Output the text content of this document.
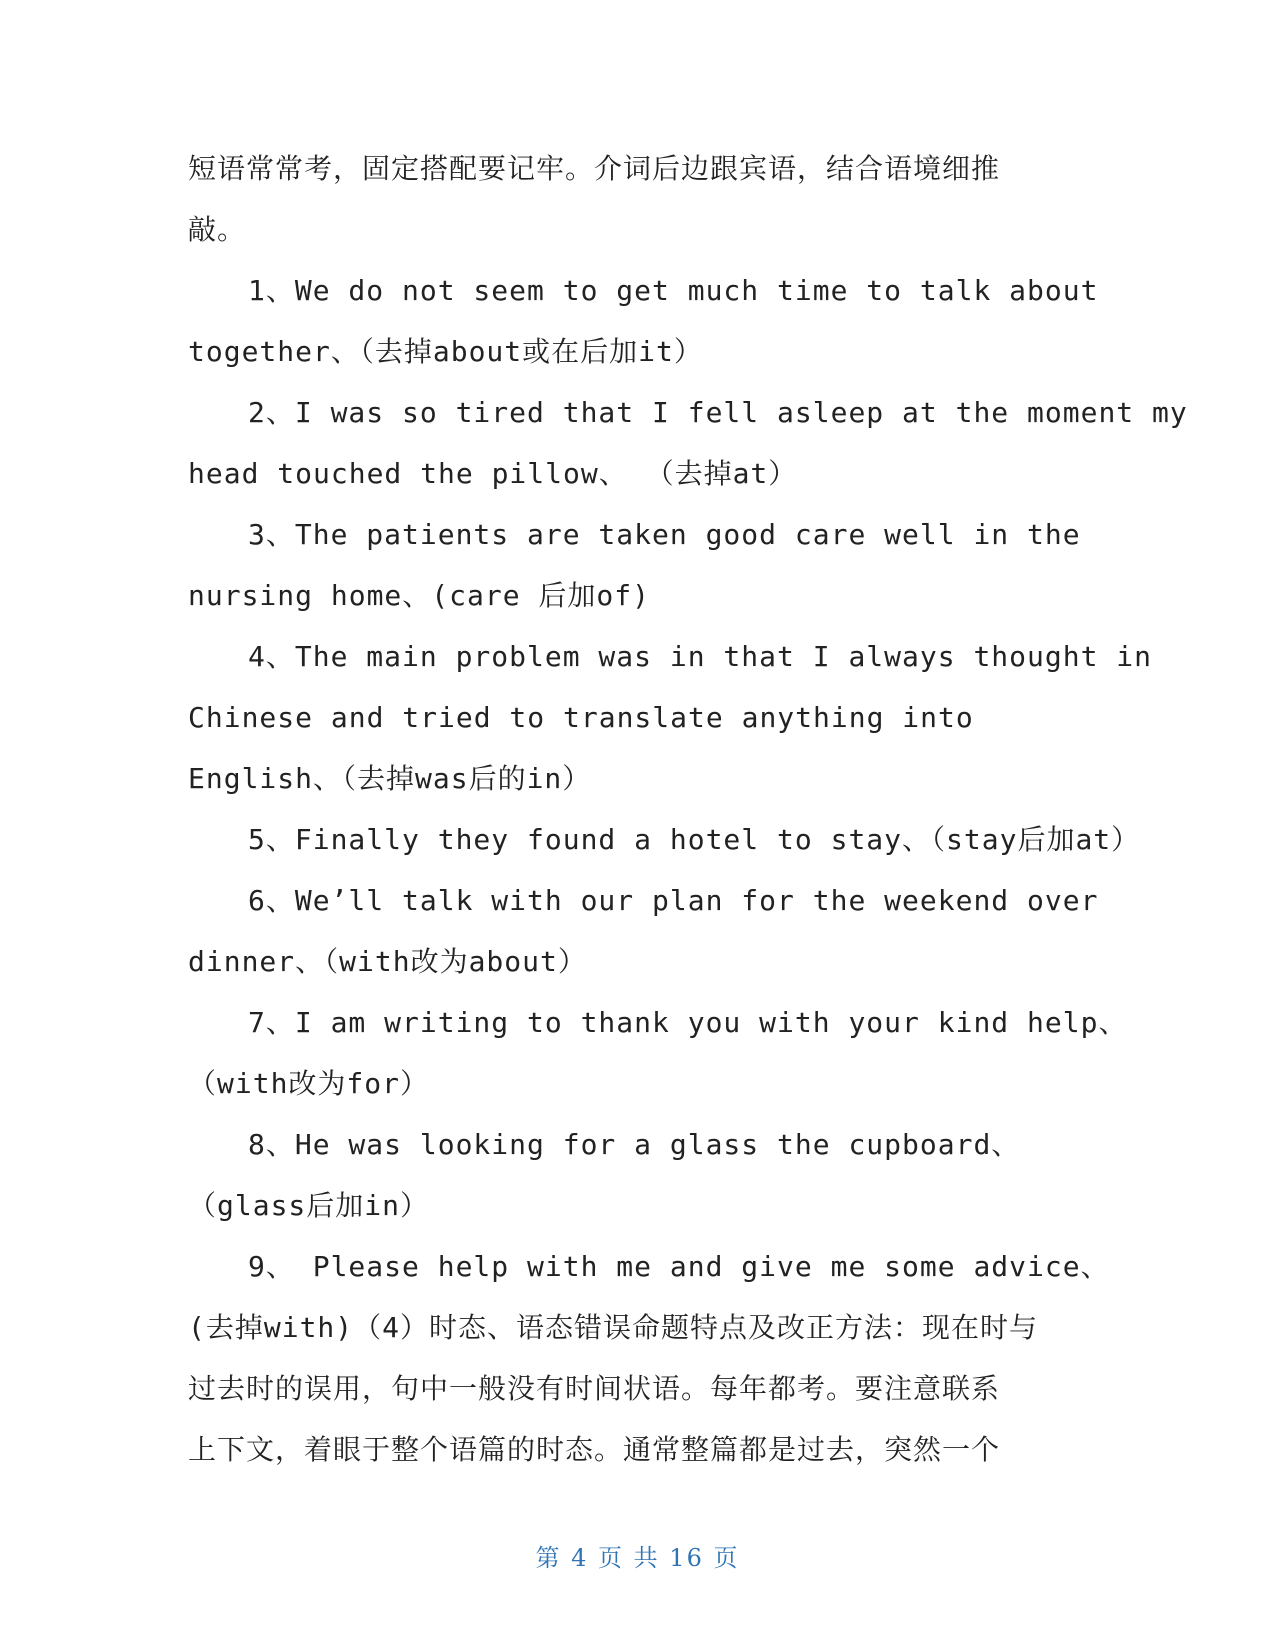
短语常常考，固定搭配要记牢。介词后边跟宾语，结合语境细推
敲。
1、We do not seem to get much time to talk about
together、（去掉about或在后加it）
2、I was so tired that I fell asleep at the moment my
head touched the pillow、 （去掉at）
3、The patients are taken good care well in the
nursing home、(care 后加of)
4、The main problem was in that I always thought in
Chinese and tried to translate anything into
English、（去掉was后的in）
5、Finally they found a hotel to stay、（stay后加at）
6、We’ll talk with our plan for the weekend over
dinner、（with改为about）
7、I am writing to thank you with your kind help、
（with改为for）
8、He was looking for a glass the cupboard、
（glass后加in）
9、 Please help with me and give me some advice、
(去掉with)（4）时态、语态错误命题特点及改正方法：现在时与
过去时的误用，句中一般没有时间状语。每年都考。要注意联系
上下文，着眼于整个语篇的时态。通常整篇都是过去，突然一个
第 4 页 共 16 页
